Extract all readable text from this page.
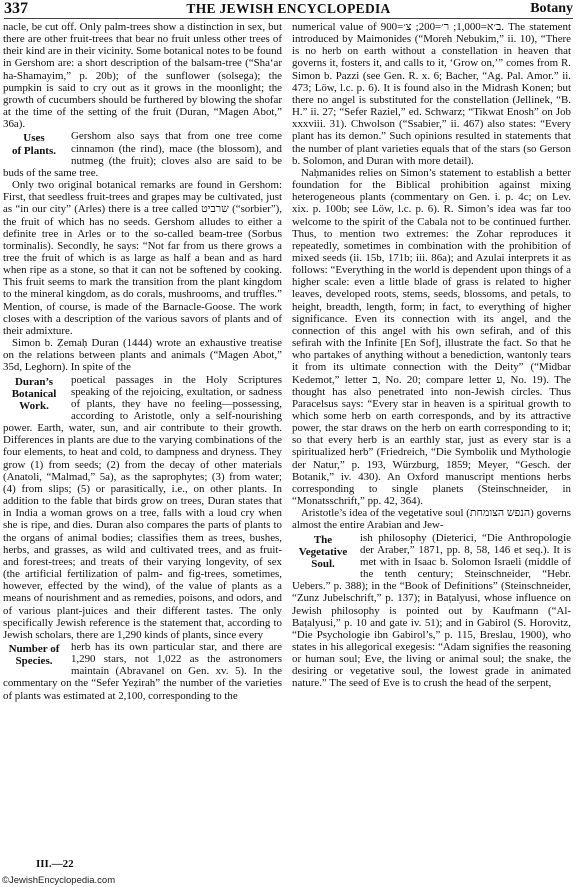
337	THE JEWISH ENCYCLOPEDIA	Botany

nacle, be cut off. Only palm-trees show a distinction in sex, but there are other fruit-trees that bear no fruit unless other trees of their kind are in their vicinity. Some botanical notes to be found in Gershom are: a short description of the balsam-tree (“Sha‘ar ha-Shamayim,” p. 20b); of the sunflower (solsega); the pumpkin is said to cry out as it grows in the moonlight; the growth of cucumbers should be furthered by blowing the shofar at the time of the setting of the fruit (Duran, “Magen Abot,” 36a).

Uses
of Plants.

Gershom also says that from one tree come cinnamon (the rind), mace (the blossom), and nutmeg (the fruit); cloves also are said to be buds of the same tree.

Only two original botanical remarks are found in Gershom: First, that seedless fruit-trees and grapes may be cultivated, just as “in our city” (Arles) there is a tree called שרביט (“sorbier”), the fruit of which has no seeds. Gershom alludes to either a definite tree in Arles or to the so-called beam-tree (Sorbus torminalis). Secondly, he says: “Not far from us there grows a tree the fruit of which is as large as half a bean and as hard when ripe as a stone, so that it can not be softened by cooking. This fruit seems to mark the transition from the plant kingdom to the mineral kingdom, as do corals, mushrooms, and truffles.” Mention, of course, is made of the Barnacle-Goose. The work closes with a description of the various savors of plants and of their admixture.

Simon b. Ẓemaḥ Duran (1444) wrote an exhaustive treatise on the relations between plants and animals (“Magen Abot,” 35d, Leghorn). In spite of the

Duran’s
Botanical
Work.

poetical passages in the Holy Scriptures speaking of the rejoicing, exultation, or sadness of plants, they have no feeling—possessing, according to Aristotle, only a self-nourishing power. Earth, water, sun, and air contribute to their growth. Differences in plants are due to the varying combinations of the four elements, to heat and cold, to dampness and dryness. They grow (1) from seeds; (2) from the decay of other materials (Anatoli, “Malmad,” 5a), as the saprophytes; (3) from water; (4) from slips; (5) or parasitically, i.e., on other plants. In addition to the fable that birds grow on trees, Duran states that in India a woman grows on a tree, falls with a loud cry when she is ripe, and dies. Duran also compares the parts of plants to the organs of animal bodies; classifies them as trees, bushes, herbs, and grasses, as wild and cultivated trees, and as fruit- and forest-trees; and treats of their varying longevity, of sex (the artificial fertilization of palm- and fig-trees, sometimes, however, effected by the wind), of the value of plants as a means of nourishment and as remedies, poisons, and odors, and of various plant-juices and their different tastes. The only specifically Jewish reference is the statement that, according to Jewish scholars, there are 1,290 kinds of plants, since every

Number of
Species.

herb has its own particular star, and there are 1,290 stars, not 1,022 as the astronomers maintain (Abravanel on Gen. xv. 5). In the commentary on the “Sefer Yeẓirah” the number of the varieties of plants was estimated at 2,100, corresponding to the

III.—22

numerical value of ב׳א=1,000; ר׳=200; צ׳=900. The statement introduced by Maimonides (“Moreh Nebukim,” ii. 10), “There is no herb on earth without a constellation in heaven that governs it, fosters it, and calls to it, ‘Grow on,’” comes from R. Simon b. Pazzi (see Gen. R. x. 6; Bacher, “Ag. Pal. Amor.” ii. 473; Löw, l.c. p. 6). It is found also in the Midrash Konen; but there no angel is substituted for the constellation (Jellinek, “B. H.” ii. 27; “Sefer Raziel,” ed. Schwarz; “Tikwat Enosh” on Job xxxviii. 31). Chwolson (“Ssabier,” ii. 467) also states: “Every plant has its demon.” Such opinions resulted in statements that the number of plant varieties equals that of the stars (so Gerson b. Solomon, and Duran with more detail).

Naḥmanides relies on Simon’s statement to establish a better foundation for the Biblical prohibition against mixing heterogeneous plants (commentary on Gen. i. p. 4c; on Lev. xix. p. 100b; see Löw, l.c. p. 6). R. Simon’s idea was far too welcome to the spirit of the Cabala not to be continued further. Thus, to mention two extremes: the Zohar reproduces it repeatedly, sometimes in combination with the prohibition of mixed seeds (ii. 15b, 171b; iii. 86a); and Azulai interprets it as follows: “Everything in the world is dependent upon things of a higher scale: even a little blade of grass is related to higher leaves, developed roots, stems, seeds, blossoms, and petals, to height, breadth, length, form; in fact, to everything of higher significance. Even its connection with its angel, and the connection of this angel with his own sefirah, and of this sefirah with the Infinite [En Sof], illustrate the fact. So that he who partakes of anything without a benediction, wantonly tears it from its ultimate connection with the Deity” (“Midbar Kedemot,” letter ב, No. 20; compare letter ע, No. 19). The thought has also penetrated into non-Jewish circles. Thus Paracelsus says: “Every star in heaven is a spiritual growth to which some herb on earth corresponds, and by its attractive power, the star draws on the herb on earth corresponding to it; so that every herb is an earthly star, just as every star is a spiritualized herb” (Friedreich, “Die Symbolik und Mythologie der Natur,” p. 193, Würzburg, 1859; Meyer, “Gesch. der Botanik,” iv. 430). An Oxford manuscript mentions herbs corresponding to single planets (Steinschneider, in “Monatsschrift,” pp. 42, 364).

Aristotle’s idea of the vegetative soul (הנפש הצומחת) governs almost the entire Arabian and Jew-

The
Vegetative
Soul.

ish philosophy (Dieterici, “Die Anthropologie der Araber,” 1871, pp. 8, 58, 146 et seq.). It is met with in Isaac b. Solomon Israeli (middle of the tenth century; Steinschneider, “Hebr. Uebers.” p. 388); in the “Book of Definitions” (Steinschneider, “Zunz Jubelschrift,” p. 137); in Baṭalyusi, whose influence on Jewish philosophy is pointed out by Kaufmann (“Al-Baṭalyusi,” p. 10 and gate iv. 51); and in Gabirol (S. Horovitz, “Die Psychologie ibn Gabirol’s,” p. 115, Breslau, 1900), who states in his allegorical exegesis: “Adam signifies the reasoning or human soul; Eve, the living or animal soul; the snake, the desiring or vegetative soul, the lowest grade in animated nature.” The seed of Eve is to crush the head of the serpent,

©JewishEncyclopedia.com
